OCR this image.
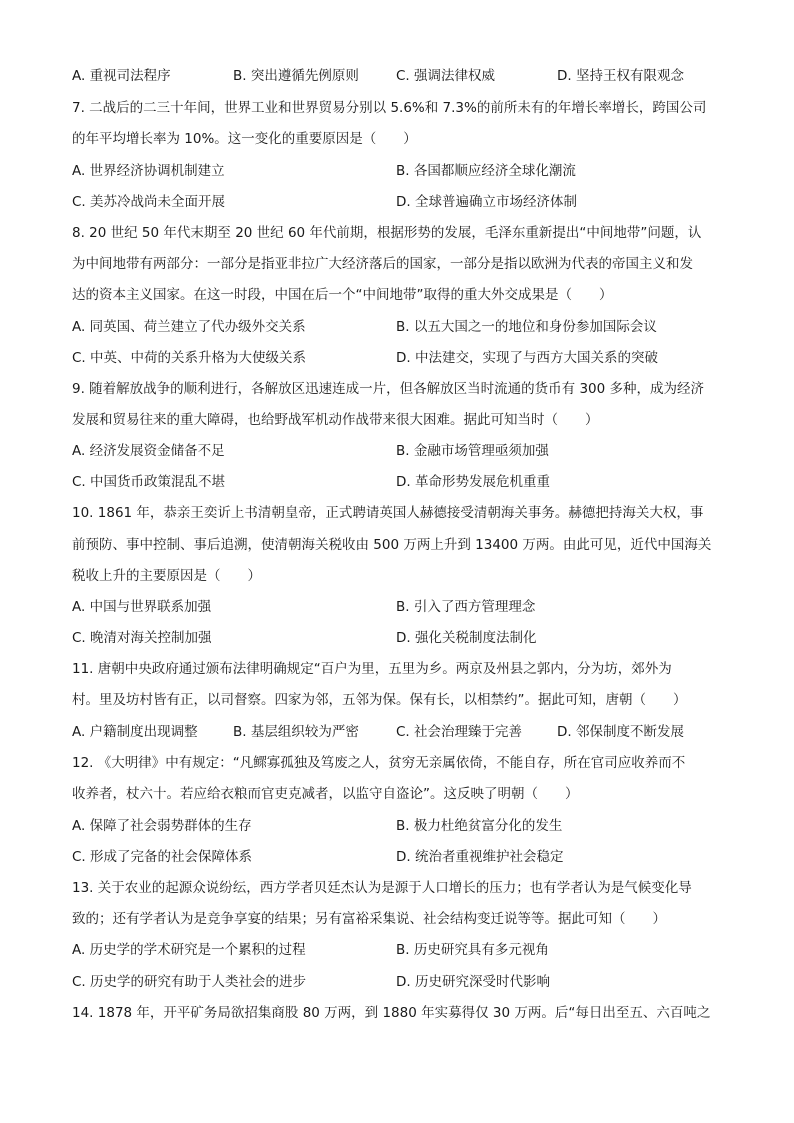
A. 重视司法程序	B. 突出遵循先例原则	C. 强调法律权威	D. 坚持王权有限观念
7. 二战后的二三十年间，世界工业和世界贸易分别以 5.6%和 7.3%的前所未有的年增长率增长，跨国公司
的年平均增长率为 10%。这一变化的重要原因是（　　）
A. 世界经济协调机制建立	B. 各国都顺应经济全球化潮流
C. 美苏冷战尚未全面开展	D. 全球普遍确立市场经济体制
8. 20 世纪 50 年代末期至 20 世纪 60 年代前期，根据形势的发展，毛泽东重新提出“中间地带”问题，认
为中间地带有两部分：一部分是指亚非拉广大经济落后的国家，一部分是指以欧洲为代表的帝国主义和发
达的资本主义国家。在这一时段，中国在后一个“中间地带”取得的重大外交成果是（　　）
A. 同英国、荷兰建立了代办级外交关系	B. 以五大国之一的地位和身份参加国际会议
C. 中英、中荷的关系升格为大使级关系	D. 中法建交，实现了与西方大国关系的突破
9. 随着解放战争的顺利进行，各解放区迅速连成一片，但各解放区当时流通的货币有 300 多种，成为经济
发展和贸易往来的重大障碍，也给野战军机动作战带来很大困难。据此可知当时（　　）
A. 经济发展资金储备不足	B. 金融市场管理亟须加强
C. 中国货币政策混乱不堪	D. 革命形势发展危机重重
10. 1861 年，恭亲王奕䜣上书清朝皇帝，正式聘请英国人赫德接受清朝海关事务。赫德把持海关大权，事
前预防、事中控制、事后追溯，使清朝海关税收由 500 万两上升到 13400 万两。由此可见，近代中国海关
税收上升的主要原因是（　　）
A. 中国与世界联系加强	B. 引入了西方管理理念
C. 晚清对海关控制加强	D. 强化关税制度法制化
11. 唐朝中央政府通过颁布法律明确规定“百户为里，五里为乡。两京及州县之郭内，分为坊，郊外为
村。里及坊村皆有正，以司督察。四家为邻，五邻为保。保有长，以相禁约”。据此可知，唐朝（　　）
A. 户籍制度出现调整	B. 基层组织较为严密	C. 社会治理臻于完善	D. 邻保制度不断发展
12. 《大明律》中有规定：“凡鳏寡孤独及笃废之人，贫穷无亲属依倚，不能自存，所在官司应收养而不
收养者，杖六十。若应给衣粮而官吏克减者，以监守自盗论”。这反映了明朝（　　）
A. 保障了社会弱势群体的生存	B. 极力杜绝贫富分化的发生
C. 形成了完备的社会保障体系	D. 统治者重视维护社会稳定
13. 关于农业的起源众说纷纭，西方学者贝廷杰认为是源于人口增长的压力；也有学者认为是气候变化导
致的；还有学者认为是竞争享宴的结果；另有富裕采集说、社会结构变迁说等等。据此可知（　　）
A. 历史学的学术研究是一个累积的过程	B. 历史研究具有多元视角
C. 历史学的研究有助于人类社会的进步	D. 历史研究深受时代影响
14. 1878 年，开平矿务局欲招集商股 80 万两，到 1880 年实募得仅 30 万两。后“每日出至五、六百吨之
